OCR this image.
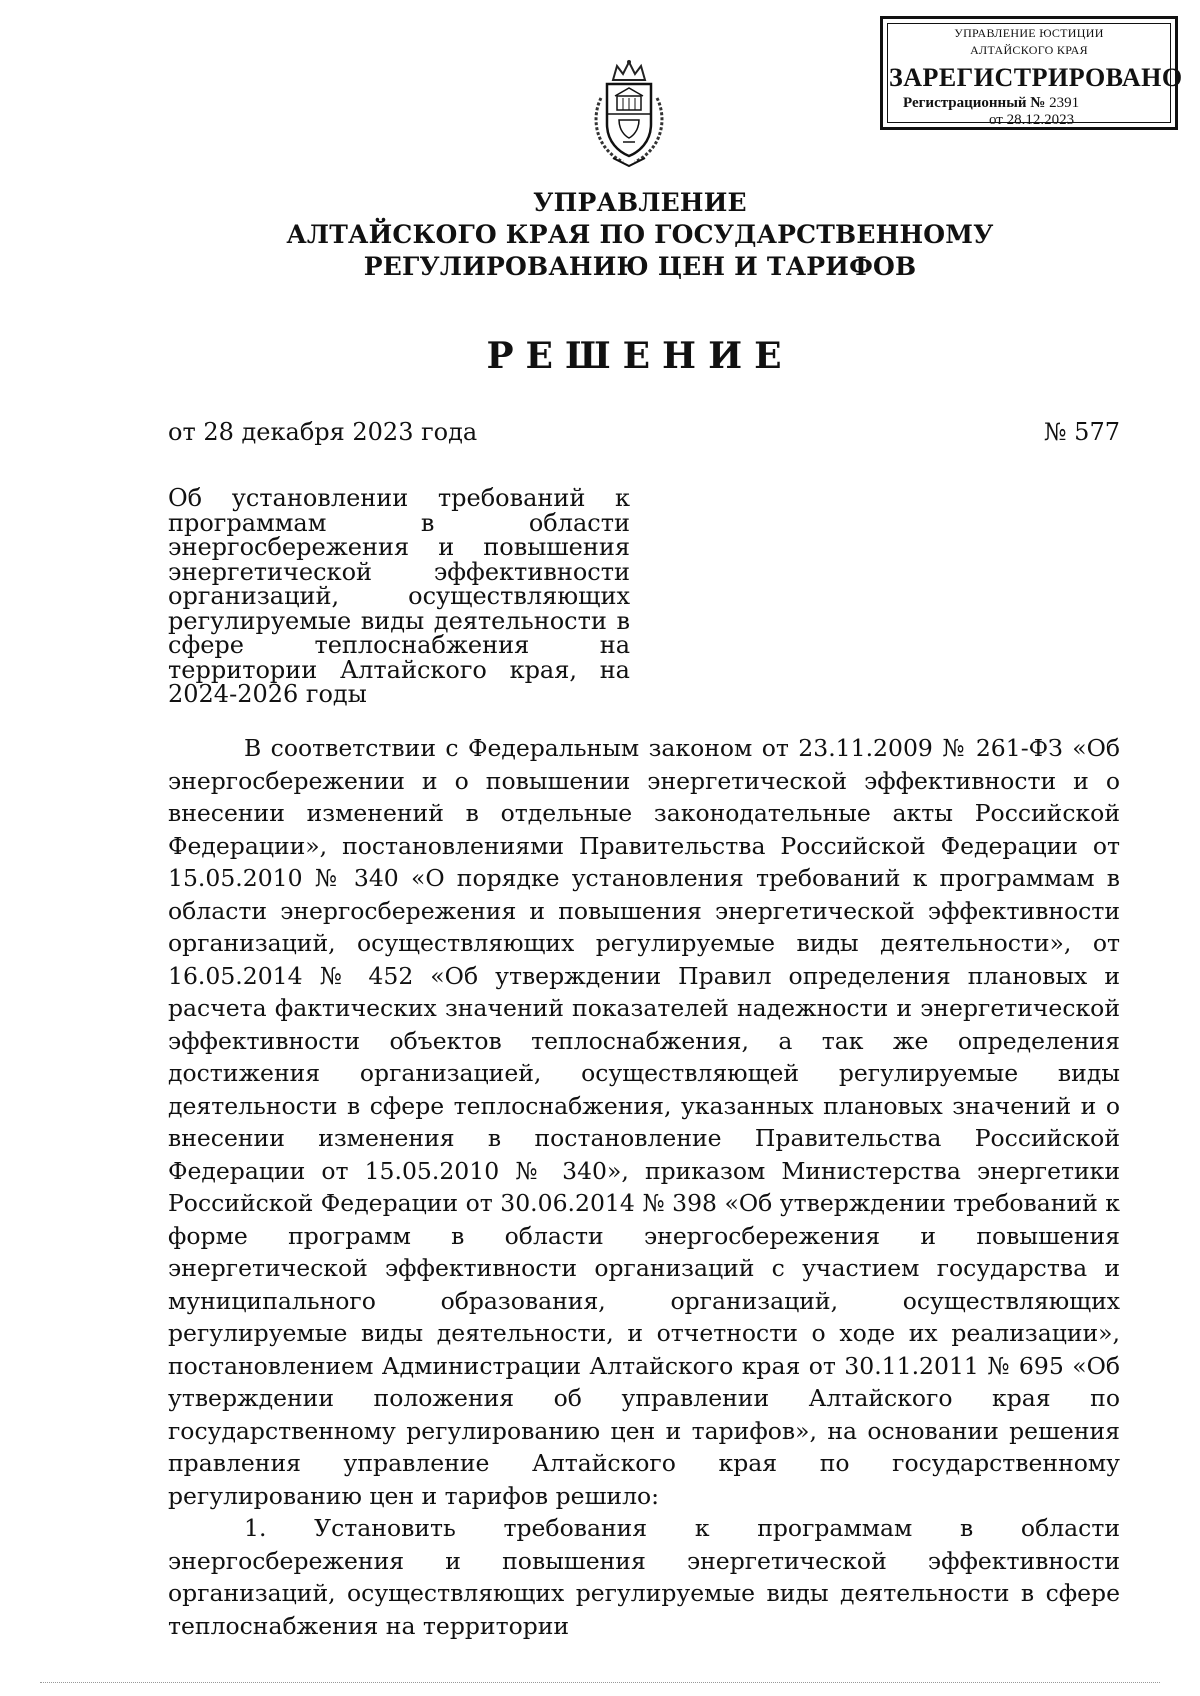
УПРАВЛЕНИЕ ЮСТИЦИИ
АЛТАЙСКОГО КРАЯ
ЗАРЕГИСТРИРОВАНО
Регистрационный № 2391
от 28.12.2023
УПРАВЛЕНИЕ
АЛТАЙСКОГО КРАЯ ПО ГОСУДАРСТВЕННОМУ
РЕГУЛИРОВАНИЮ ЦЕН И ТАРИФОВ
РЕШЕНИЕ
от 28 декабря 2023 года	№ 577
Об установлении требований к программам в области энергосбережения и повышения энергетической эффективности организаций, осуществляющих регулируемые виды деятельности в сфере теплоснабжения на территории Алтайского края, на 2024-2026 годы

В соответствии с Федеральным законом от 23.11.2009 № 261-ФЗ «Об энергосбережении и о повышении энергетической эффективности и о внесении изменений в отдельные законодательные акты Российской Федерации», постановлениями Правительства Российской Федерации от 15.05.2010 № 340 «О порядке установления требований к программам в области энергосбережения и повышения энергетической эффективности организаций, осуществляющих регулируемые виды деятельности», от 16.05.2014 № 452 «Об утверждении Правил определения плановых и расчета фактических значений показателей надежности и энергетической эффективности объектов теплоснабжения, а так же определения достижения организацией, осуществляющей регулируемые виды деятельности в сфере теплоснабжения, указанных плановых значений и о внесении изменения в постановление Правительства Российской Федерации от 15.05.2010 № 340», приказом Министерства энергетики Российской Федерации от 30.06.2014 № 398 «Об утверждении требований к форме программ в области энергосбережения и повышения энергетической эффективности организаций с участием государства и муниципального образования, организаций, осуществляющих регулируемые виды деятельности, и отчетности о ходе их реализации», постановлением Администрации Алтайского края от 30.11.2011 № 695 «Об утверждении положения об управлении Алтайского края по государственному регулированию цен и тарифов», на основании решения правления управление Алтайского края по государственному регулированию цен и тарифов решило:

1. Установить требования к программам в области энергосбережения и повышения энергетической эффективности организаций, осуществляющих регулируемые виды деятельности в сфере теплоснабжения на территории
